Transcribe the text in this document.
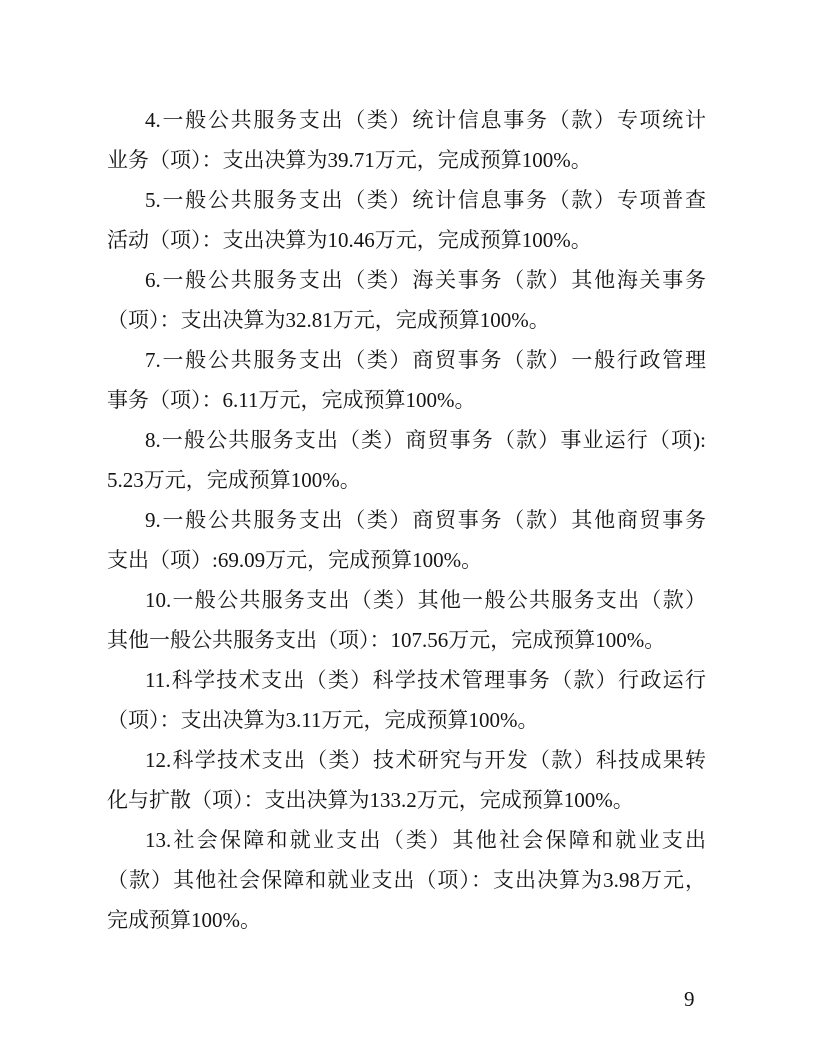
4.一般公共服务支出（类）统计信息事务（款）专项统计
业务（项）：支出决算为39.71万元，完成预算100%。
5.一般公共服务支出（类）统计信息事务（款）专项普查
活动（项）：支出决算为10.46万元，完成预算100%。
6.一般公共服务支出（类）海关事务（款）其他海关事务
（项）：支出决算为32.81万元，完成预算100%。
7.一般公共服务支出（类）商贸事务（款）一般行政管理
事务（项）：6.11万元，完成预算100%。
8.一般公共服务支出（类）商贸事务（款）事业运行（项):
5.23万元，完成预算100%。
9.一般公共服务支出（类）商贸事务（款）其他商贸事务
支出（项）:69.09万元，完成预算100%。
10.一般公共服务支出（类）其他一般公共服务支出（款）
其他一般公共服务支出（项）：107.56万元，完成预算100%。
11.科学技术支出（类）科学技术管理事务（款）行政运行
（项）：支出决算为3.11万元，完成预算100%。
12.科学技术支出（类）技术研究与开发（款）科技成果转
化与扩散（项）：支出决算为133.2万元，完成预算100%。
13.社会保障和就业支出（类）其他社会保障和就业支出
（款）其他社会保障和就业支出（项）：支出决算为3.98万元，
完成预算100%。
9
